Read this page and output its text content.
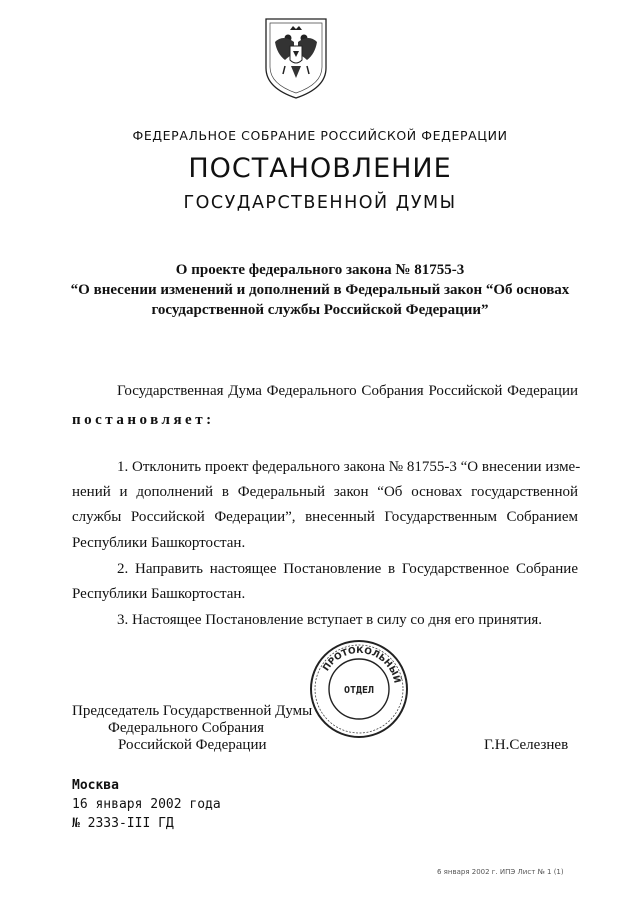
ФЕДЕРАЛЬНОЕ СОБРАНИЕ РОССИЙСКОЙ ФЕДЕРАЦИИ
ПОСТАНОВЛЕНИЕ
ГОСУДАРСТВЕННОЙ ДУМЫ
О проекте федерального закона № 81755-3
“О внесении изменений и дополнений в Федеральный закон “Об основах
государственной службы Российской Федерации”
Государственная Дума Федерального Собрания Российской Федерации
постановляет:
1. Отклонить проект федерального закона № 81755-3 “О внесении изме-
нений и дополнений в Федеральный закон “Об основах государственной
службы Российской Федерации”, внесенный Государственным Собранием
Республики Башкортостан.
2. Направить настоящее Постановление в Государственное Собрание
Республики Башкортостан.
3. Настоящее Постановление вступает в силу со дня его принятия.
ПРОТОКОЛЬНЫЙ
ОТДЕЛ
Председатель Государственной Думы
Федерального Собрания
Российской Федерации	Г.Н.Селезнев
Москва
16 января 2002 года
№ 2333-III ГД
6 января 2002 г. ИПЭ Лист № 1 (1)
